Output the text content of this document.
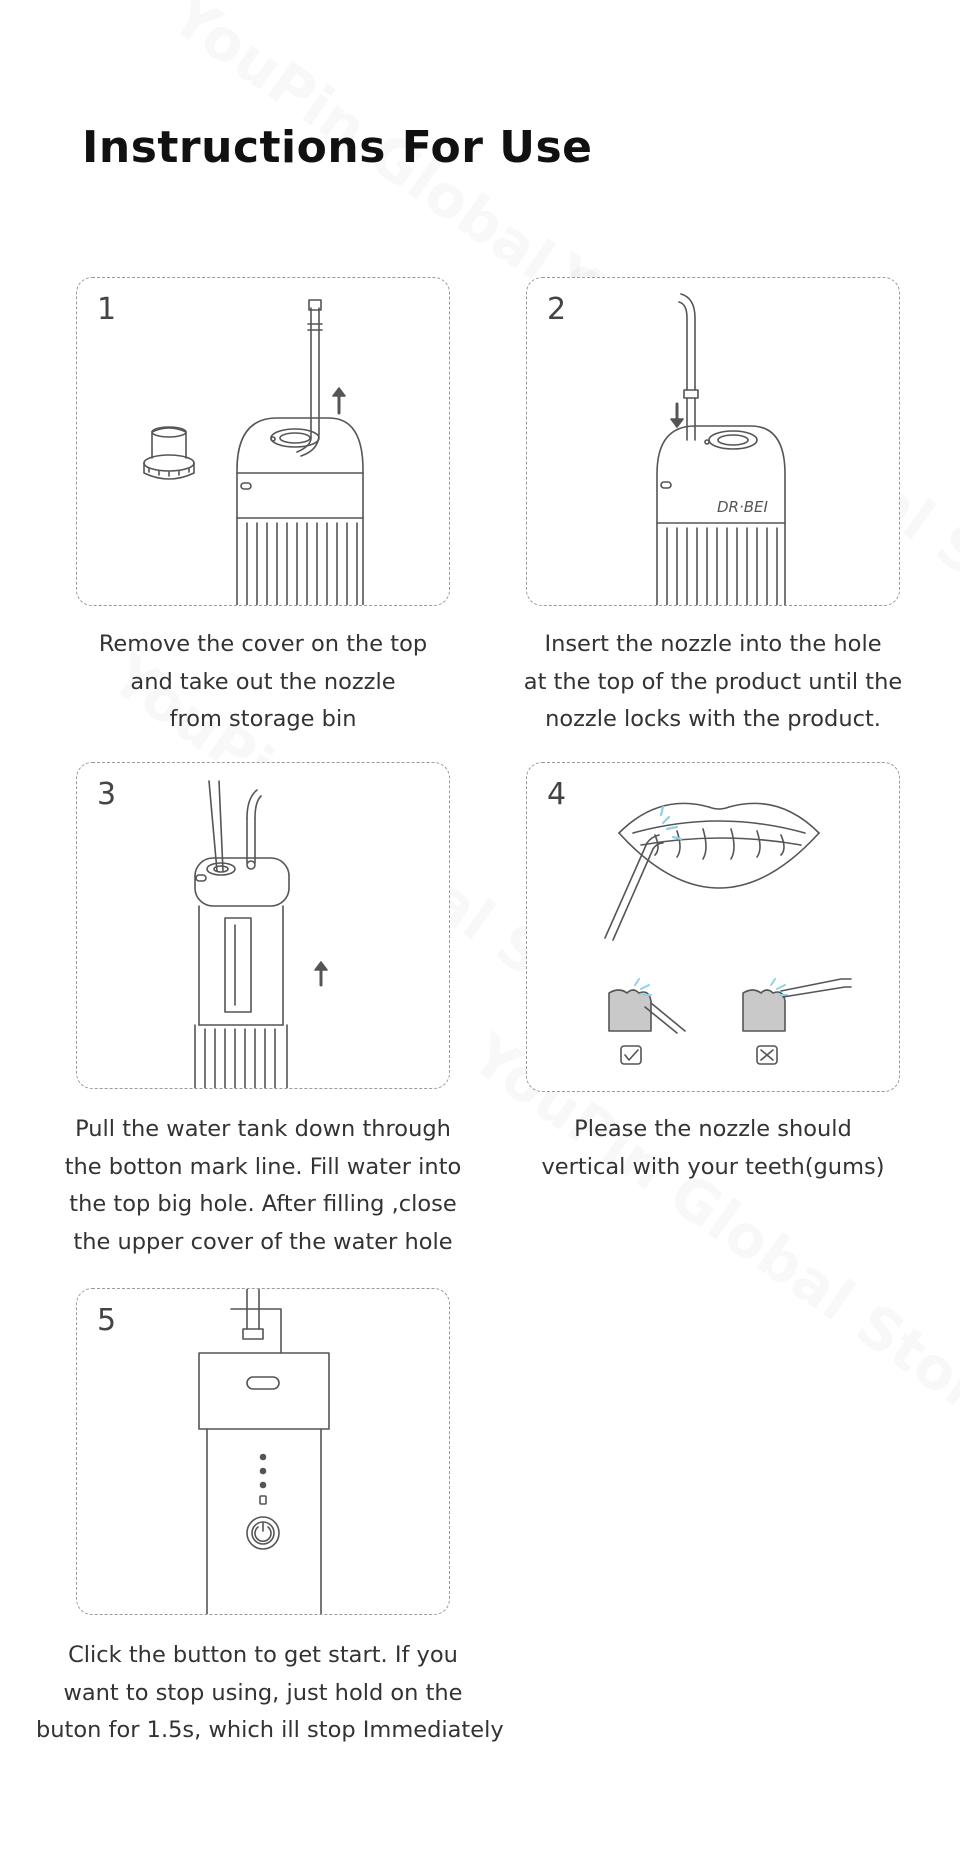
Instructions For Use
1
Remove the cover on the top
and take out the nozzle
from storage bin
2
DR·BEI
Insert the nozzle into the hole
at the top of the product until the
nozzle locks with the product.
3
Pull the water tank down through
the botton mark line. Fill water into
the top big hole. After filling ,close
the upper cover of the water hole
4
Please the nozzle should
vertical with your teeth(gums)
5
Click the button to get start. If you
want to stop using, just hold on the
buton for 1.5s, which ill stop Immediately
